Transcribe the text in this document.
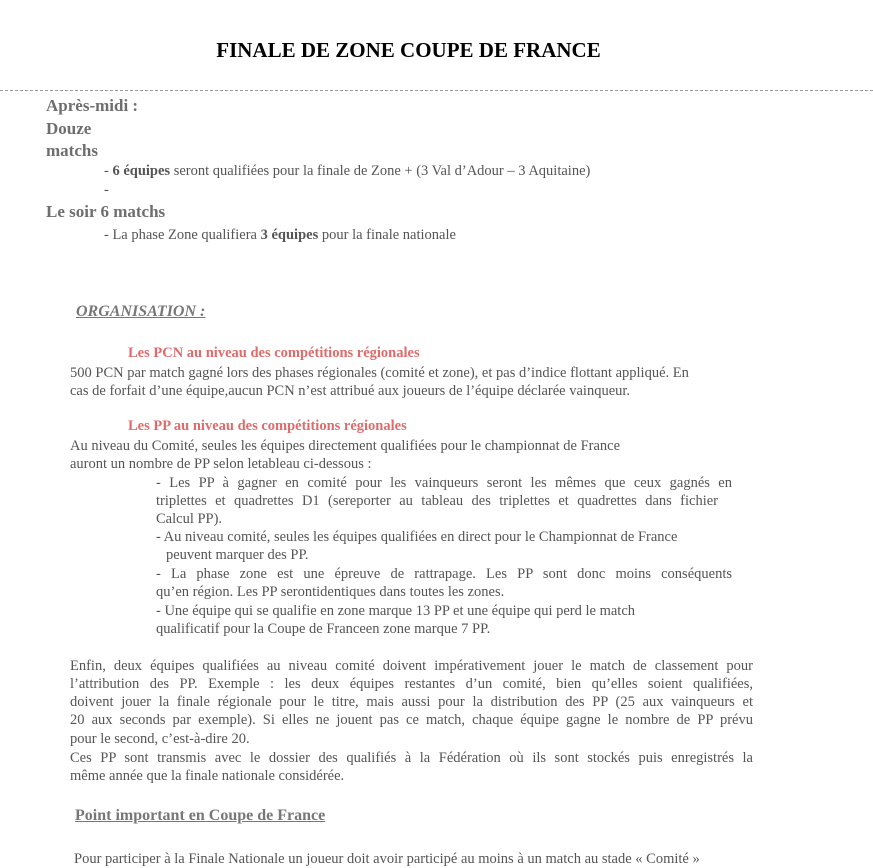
FINALE DE ZONE COUPE DE FRANCE
Après-midi :
Douze
matchs
- 6 équipes seront qualifiées pour la finale de Zone + (3 Val d’Adour – 3 Aquitaine)
-
Le soir 6 matchs
- La phase Zone qualifiera 3 équipes pour la finale nationale
ORGANISATION :
Les PCN au niveau des compétitions régionales
500 PCN par match gagné lors des phases régionales (comité et zone), et pas d’indice flottant appliqué. En
cas de forfait d’une équipe,aucun PCN n’est attribué aux joueurs de l’équipe déclarée vainqueur.
Les PP au niveau des compétitions régionales
Au niveau du Comité, seules les équipes directement qualifiées pour le championnat de France
auront un nombre de PP selon letableau ci-dessous :
- Les PP à gagner en comité pour les vainqueurs seront les mêmes que ceux gagnés en
triplettes et quadrettes D1 (sereporter au tableau des triplettes et quadrettes dans fichier
Calcul PP).
- Au niveau comité, seules les équipes qualifiées en direct pour le Championnat de France
peuvent marquer des PP.
- La phase zone est une épreuve de rattrapage. Les PP sont donc moins conséquents
qu’en région. Les PP serontidentiques dans toutes les zones.
- Une équipe qui se qualifie en zone marque 13 PP et une équipe qui perd le match
qualificatif pour la Coupe de Franceen zone marque 7 PP.
Enfin, deux équipes qualifiées au niveau comité doivent impérativement jouer le match de classement pour
l’attribution des PP. Exemple : les deux équipes restantes d’un comité, bien qu’elles soient qualifiées,
doivent jouer la finale régionale pour le titre, mais aussi pour la distribution des PP (25 aux vainqueurs et
20 aux seconds par exemple). Si elles ne jouent pas ce match, chaque équipe gagne le nombre de PP prévu
pour le second, c’est-à-dire 20.
Ces PP sont transmis avec le dossier des qualifiés à la Fédération où ils sont stockés puis enregistrés la
même année que la finale nationale considérée.
Point important en Coupe de France
Pour participer à la Finale Nationale un joueur doit avoir participé au moins à un match au stade « Comité »
